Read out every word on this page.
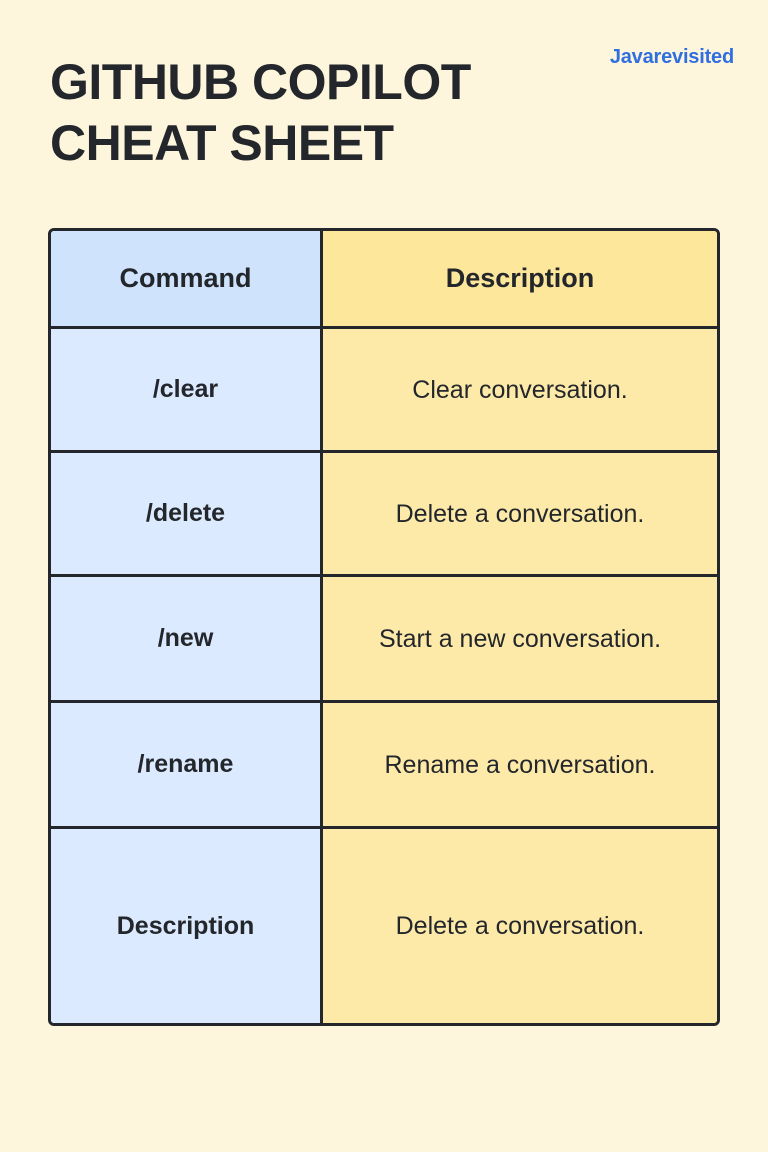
Javarevisited
GITHUB COPILOT CHEAT SHEET
Command	Description
/clear	Clear conversation.
/delete	Delete a conversation.
/new	Start a new conversation.
/rename	Rename a conversation.
Description	Delete a conversation.
